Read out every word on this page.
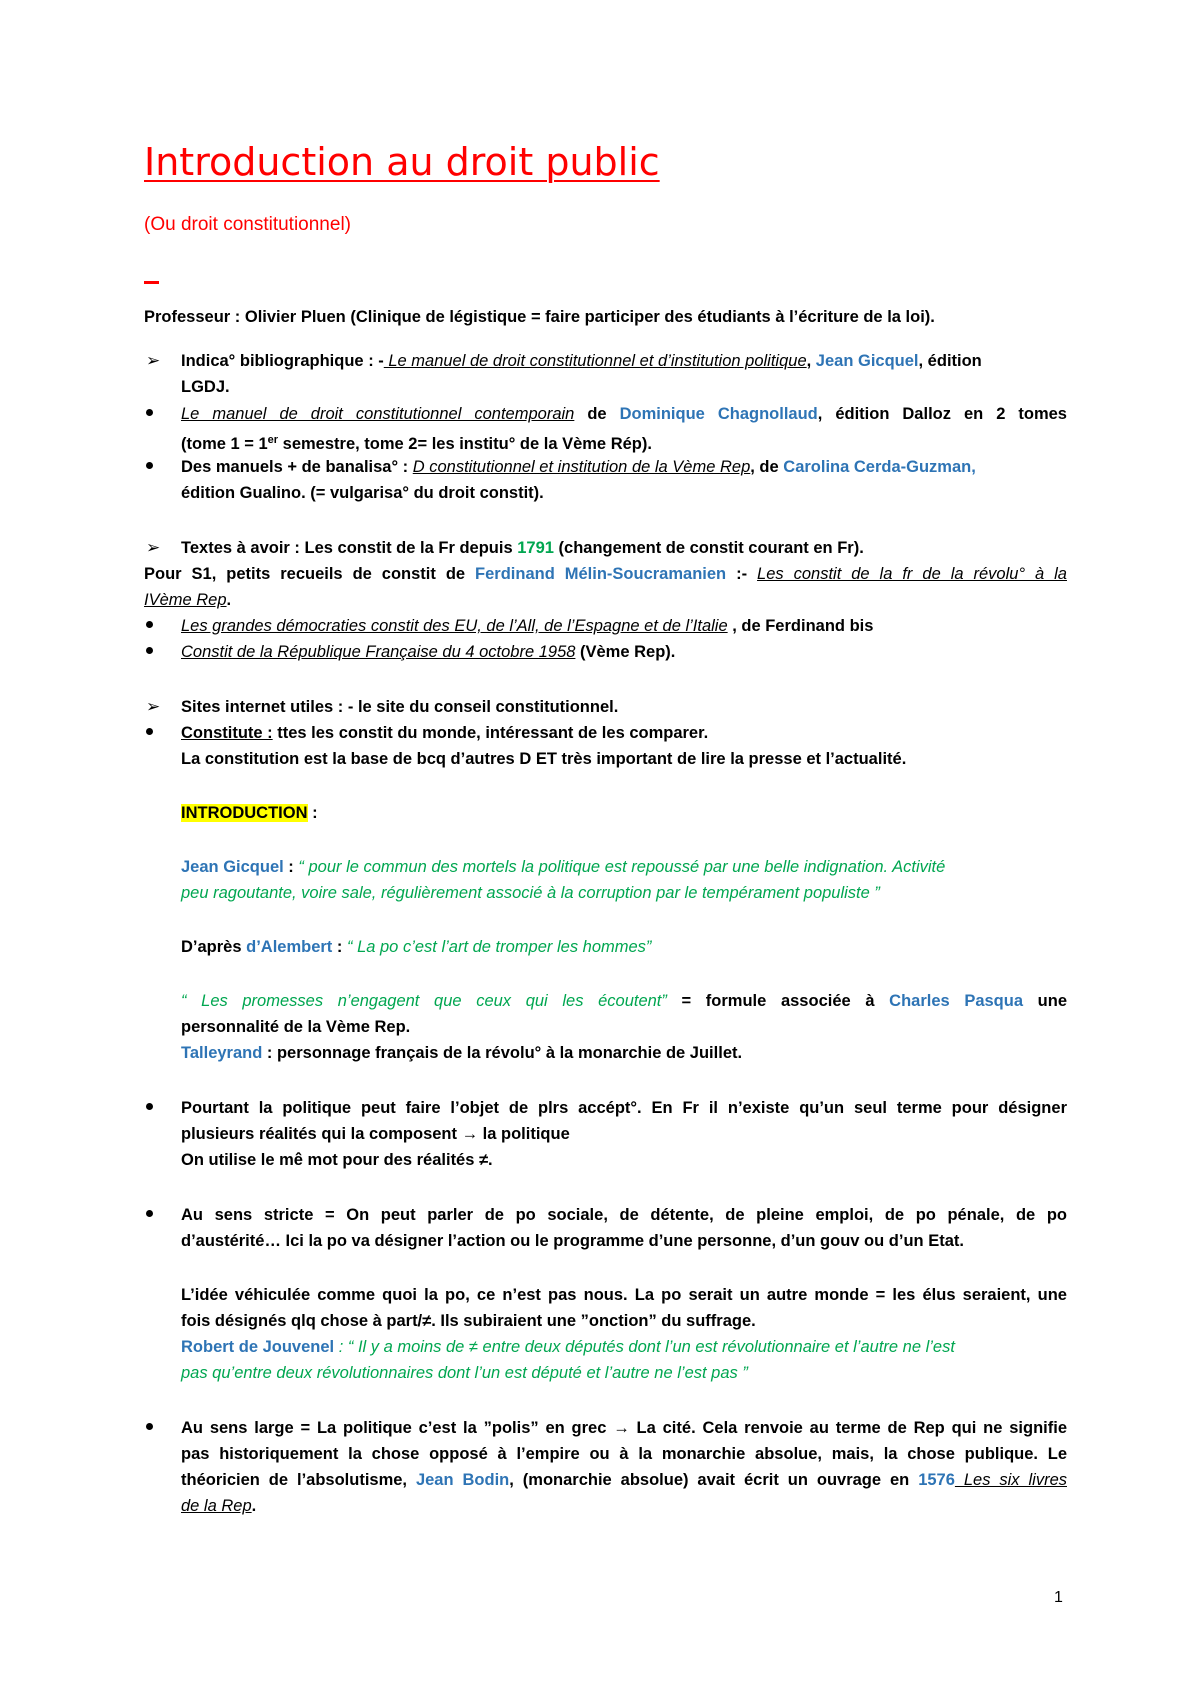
Introduction au droit public
(Ou droit constitutionnel)
Professeur : Olivier Pluen (Clinique de légistique = faire participer des étudiants à l’écriture de la loi).
➢ Indica° bibliographique : - Le manuel de droit constitutionnel et d’institution politique, Jean Gicquel, édition
LGDJ.
Le manuel de droit constitutionnel contemporain de Dominique Chagnollaud, édition Dalloz en 2 tomes
(tome 1 = 1er semestre, tome 2= les institu° de la Vème Rép).
Des manuels + de banalisa° : D constitutionnel et institution de la Vème Rep, de Carolina Cerda-Guzman,
édition Gualino. (= vulgarisa° du droit constit).
➢ Textes à avoir : Les constit de la Fr depuis 1791 (changement de constit courant en Fr).
Pour S1, petits recueils de constit de Ferdinand Mélin-Soucramanien :- Les constit de la fr de la révolu° à la
IVème Rep.
Les grandes démocraties constit des EU, de l’All, de l’Espagne et de l’Italie , de Ferdinand bis
Constit de la République Française du 4 octobre 1958 (Vème Rep).
➢ Sites internet utiles : - le site du conseil constitutionnel.
Constitute : ttes les constit du monde, intéressant de les comparer.
La constitution est la base de bcq d’autres D ET très important de lire la presse et l’actualité.
INTRODUCTION :
Jean Gicquel : “ pour le commun des mortels la politique est repoussé par une belle indignation. Activité
peu ragoutante, voire sale, régulièrement associé à la corruption par le tempérament populiste ”
D’après d’Alembert : “ La po c’est l’art de tromper les hommes”
“ Les promesses n’engagent que ceux qui les écoutent” = formule associée à Charles Pasqua une
personnalité de la Vème Rep.
Talleyrand : personnage français de la révolu° à la monarchie de Juillet.
Pourtant la politique peut faire l’objet de plrs accépt°. En Fr il n’existe qu’un seul terme pour désigner
plusieurs réalités qui la composent → la politique
On utilise le mê mot pour des réalités ≠.
Au sens stricte = On peut parler de po sociale, de détente, de pleine emploi, de po pénale, de po
d’austérité… Ici la po va désigner l’action ou le programme d’une personne, d’un gouv ou d’un Etat.
L’idée véhiculée comme quoi la po, ce n’est pas nous. La po serait un autre monde = les élus seraient, une
fois désignés qlq chose à part/≠. Ils subiraient une ”onction” du suffrage.
Robert de Jouvenel : “ Il y a moins de ≠ entre deux députés dont l’un est révolutionnaire et l’autre ne l’est
pas qu’entre deux révolutionnaires dont l’un est député et l’autre ne l’est pas ”
Au sens large = La politique c’est la ”polis” en grec → La cité. Cela renvoie au terme de Rep qui ne signifie
pas historiquement la chose opposé à l’empire ou à la monarchie absolue, mais, la chose publique. Le
théoricien de l’absolutisme, Jean Bodin, (monarchie absolue) avait écrit un ouvrage en 1576 Les six livres
de la Rep.
1
